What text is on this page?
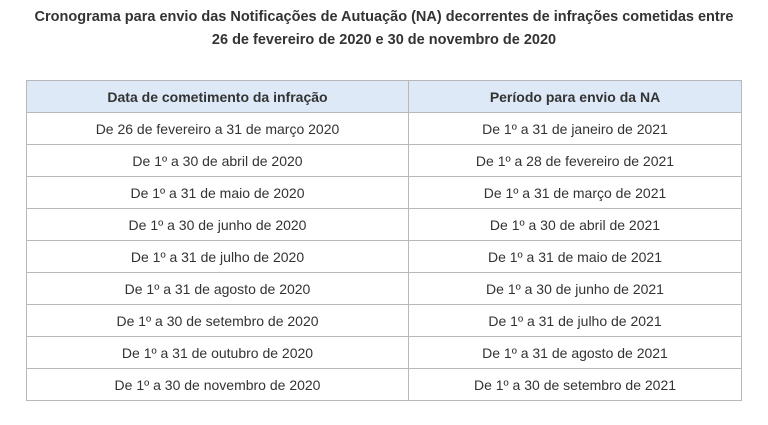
Cronograma para envio das Notificações de Autuação (NA) decorrentes de infrações cometidas entre
26 de fevereiro de 2020 e 30 de novembro de 2020
Data de cometimento da infração	Período para envio da NA
De 26 de fevereiro a 31 de março 2020	De 1º a 31 de janeiro de 2021
De 1º a 30 de abril de 2020	De 1º a 28 de fevereiro de 2021
De 1º a 31 de maio de 2020	De 1º a 31 de março de 2021
De 1º a 30 de junho de 2020	De 1º a 30 de abril de 2021
De 1º a 31 de julho de 2020	De 1º a 31 de maio de 2021
De 1º a 31 de agosto de 2020	De 1º a 30 de junho de 2021
De 1º a 30 de setembro de 2020	De 1º a 31 de julho de 2021
De 1º a 31 de outubro de 2020	De 1º a 31 de agosto de 2021
De 1º a 30 de novembro de 2020	De 1º a 30 de setembro de 2021
